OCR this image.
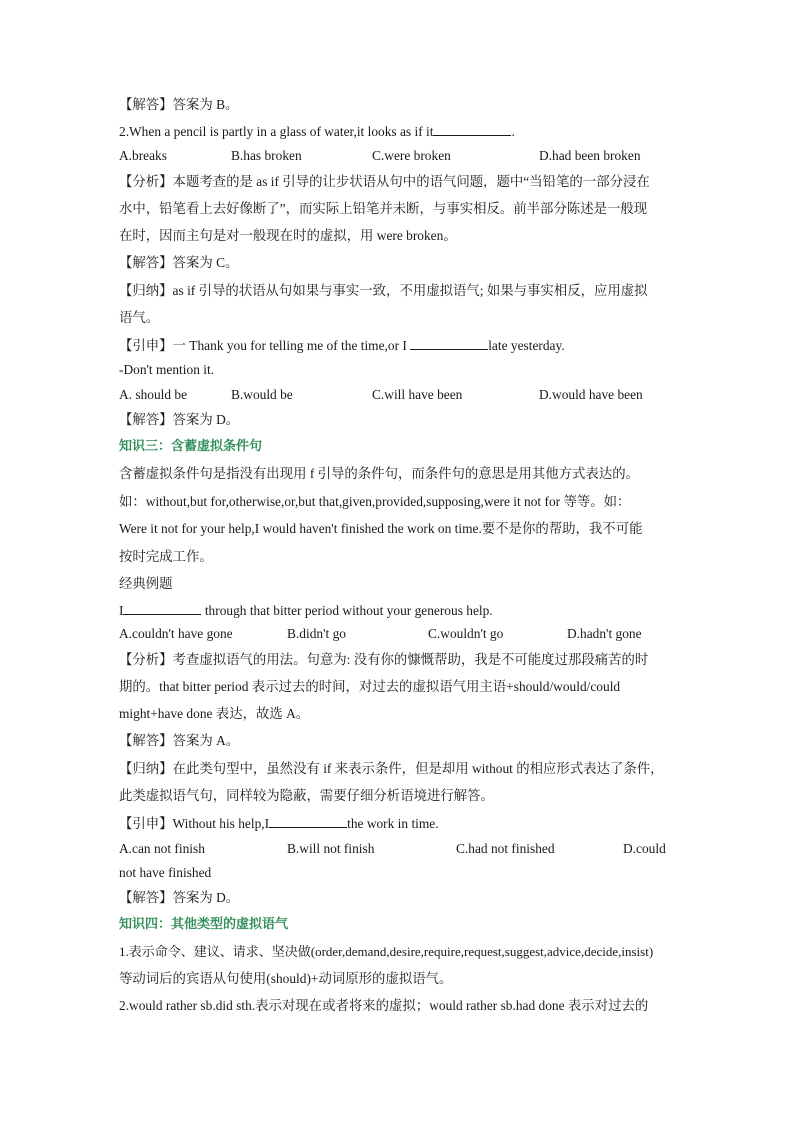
【解答】答案为 B。
2.When a pencil is partly in a glass of water,it looks as if it	.
A.breaks	B.has broken	C.were broken	D.had been broken
【分析】本题考查的是 as if 引导的让步状语从句中的语气问题，题中“当铅笔的一部分浸在
水中，铅笔看上去好像断了”，而实际上铅笔并未断，与事实相反。前半部分陈述是一般现
在时，因而主句是对一般现在时的虚拟，用 were broken。
【解答】答案为 C。
【归纳】as if 引导的状语从句如果与事实一致，不用虚拟语气; 如果与事实相反，应用虚拟
语气。
【引申】一 Thank you for telling me of the time,or I	late yesterday.
-Don't mention it.
A. should be	B.would be	C.will have been	D.would have been
【解答】答案为 D。
知识三：含蓄虚拟条件句
含蓄虚拟条件句是指没有出现用 f 引导的条件句，而条件句的意思是用其他方式表达的。
如：without,but for,otherwise,or,but that,given,provided,supposing,were it not for 等等。如：
Were it not for your help,I would haven't finished the work on time.要不是你的帮助，我不可能
按时完成工作。
经典例题
I	through that bitter period without your generous help.
A.couldn't have gone	B.didn't go	C.wouldn't go	D.hadn't gone
【分析】考查虚拟语气的用法。句意为: 没有你的慷慨帮助，我是不可能度过那段痛苦的时
期的。that bitter period 表示过去的时间，对过去的虚拟语气用主语+should/would/could
might+have done 表达，故选 A。
【解答】答案为 A。
【归纳】在此类句型中，虽然没有 if 来表示条件，但是却用 without 的相应形式表达了条件，
此类虚拟语气句，同样较为隐蔽，需要仔细分析语境进行解答。
【引申】Without his help,I	the work in time.
A.can not finish	B.will not finish	C.had not finished	D.could
not have finished
【解答】答案为 D。
知识四：其他类型的虚拟语气
1.表示命令、建议、请求、坚决做(order,demand,desire,require,request,suggest,advice,decide,insist)
等动词后的宾语从句使用(should)+动词原形的虚拟语气。
2.would rather sb.did sth.表示对现在或者将来的虚拟；would rather sb.had done 表示对过去的
